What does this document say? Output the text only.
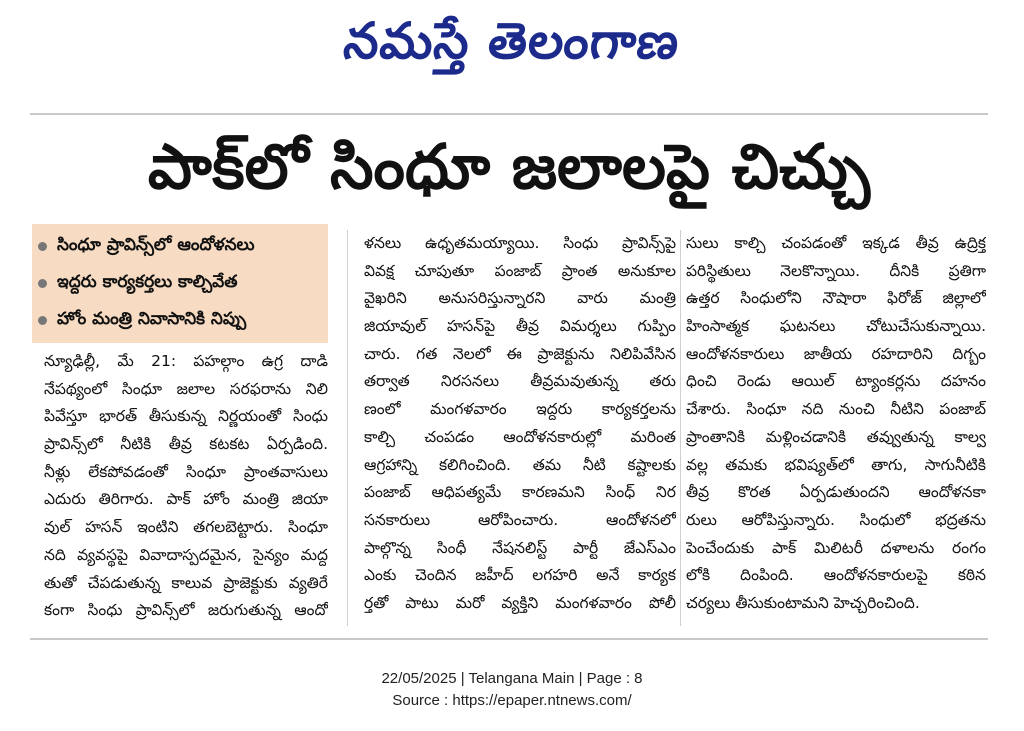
నమస్తే తెలంగాణ
పాక్‌లో సింధూ జలాలపై చిచ్చు
సింధూ ప్రావిన్స్‌లో ఆందోళనలు
ఇద్దరు కార్యకర్తలు కాల్చివేత
హోం మంత్రి నివాసానికి నిప్పు
న్యూఢిల్లీ, మే 21: పహల్గాం ఉగ్ర దాడి
నేపథ్యంలో సింధూ జలాల సరఫరాను నిలి
పివేస్తూ భారత్ తీసుకున్న నిర్ణయంతో సింధు
ప్రావిన్స్‌లో నీటికి తీవ్ర కటకట ఏర్పడింది.
నీళ్లు లేకపోవడంతో సింధూ ప్రాంతవాసులు
ఎదురు తిరిగారు. పాక్ హోం మంత్రి జియా
వుల్ హసన్ ఇంటిని తగలబెట్టారు. సింధూ
నది వ్యవస్థపై వివాదాస్పదమైన, సైన్యం మద్ద
తుతో చేపడుతున్న కాలువ ప్రాజెక్టుకు వ్యతిరే
కంగా సింధు ప్రావిన్స్‌లో జరుగుతున్న ఆందో
ళనలు ఉధృతమయ్యాయి. సింధు ప్రావిన్స్‌పై
వివక్ష చూపుతూ పంజాబ్ ప్రాంత అనుకూల
వైఖరిని అనుసరిస్తున్నారని వారు మంత్రి
జియావుల్ హసన్‌పై తీవ్ర విమర్శలు గుప్పిం
చారు. గత నెలలో ఈ ప్రాజెక్టును నిలిపివేసిన
తర్వాత నిరసనలు తీవ్రమవుతున్న తరు
ణంలో మంగళవారం ఇద్దరు కార్యకర్తలను
కాల్చి చంపడం ఆందోళనకారుల్లో మరింత
ఆగ్రహాన్ని కలిగించింది. తమ నీటి కష్టాలకు
పంజాబ్ ఆధిపత్యమే కారణమని సింధ్ నిర
సనకారులు ఆరోపించారు. ఆందోళనలో
పాల్గొన్న సింధీ నేషనలిస్ట్ పార్టీ జేఎస్ఎం
ఎంకు చెందిన జహీద్ లగహరి అనే కార్యక
ర్తతో పాటు మరో వ్యక్తిని మంగళవారం పోలీ
సులు కాల్చి చంపడంతో ఇక్కడ తీవ్ర ఉద్రిక్త
పరిస్థితులు నెలకొన్నాయి. దీనికి ప్రతిగా
ఉత్తర సింధులోని నౌషారా ఫిరోజ్ జిల్లాలో
హింసాత్మక ఘటనలు చోటుచేసుకున్నాయి.
ఆందోళనకారులు జాతీయ రహదారిని దిగ్బం
ధించి రెండు ఆయిల్ ట్యాంకర్లను దహనం
చేశారు. సింధూ నది నుంచి నీటిని పంజాబ్
ప్రాంతానికి మళ్లించడానికి తవ్వుతున్న కాల్వ
వల్ల తమకు భవిష్యత్‌లో తాగు, సాగునీటికి
తీవ్ర కొరత ఏర్పడుతుందని ఆందోళనకా
రులు ఆరోపిస్తున్నారు. సింధులో భద్రతను
పెంచేందుకు పాక్ మిలిటరీ దళాలను రంగం
లోకి దింపింది. ఆందోళనకారులపై కఠిన
చర్యలు తీసుకుంటామని హెచ్చరించింది.
22/05/2025 | Telangana Main | Page : 8
Source : https://epaper.ntnews.com/
